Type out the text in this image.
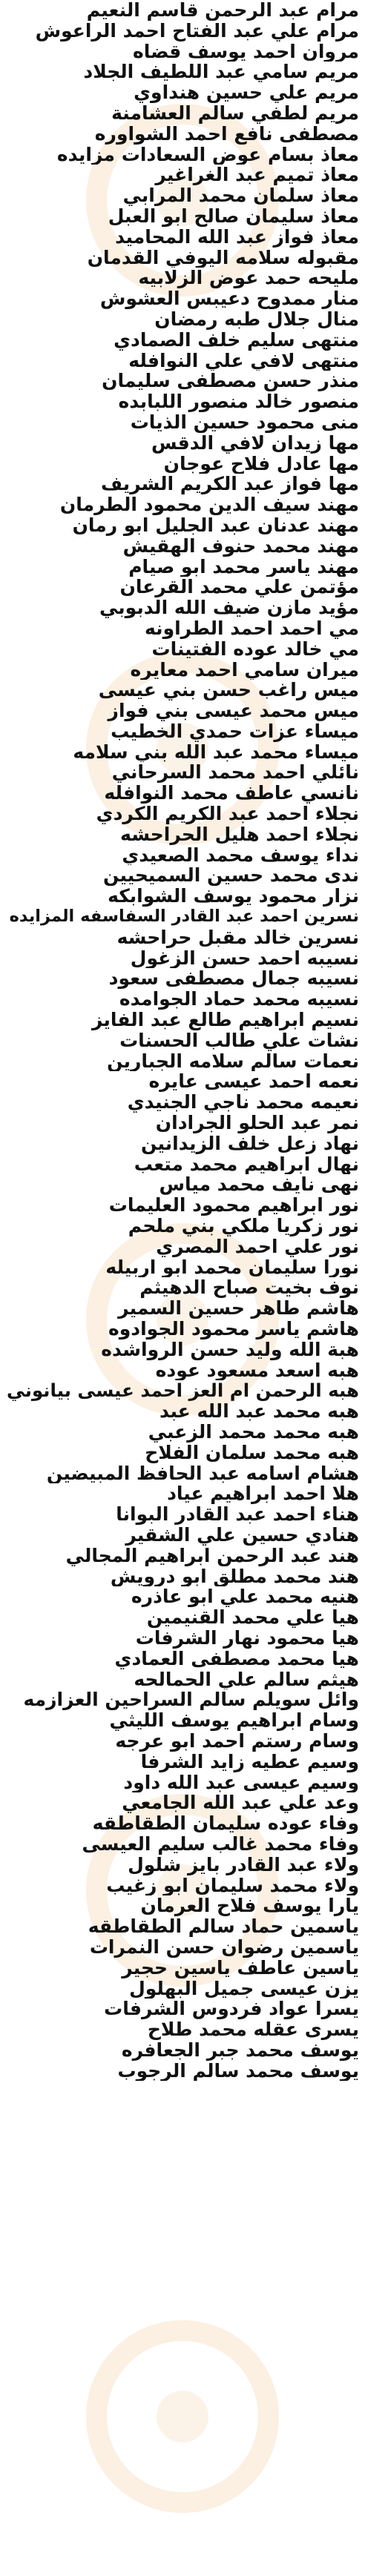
مرام عبد الرحمن قاسم النعيم
مرام علي عبد الفتاح احمد الراعوش
مروان احمد يوسف قضاه
مريم سامي عبد اللطيف الجلاد
مريم علي حسين هنداوي
مريم لطفي سالم العشامنة
مصطفى نافع احمد الشواوره
معاذ بسام عوض السعادات مزايده
معاذ تميم عبد الغراغير
معاذ سلمان محمد المرابي
معاذ سليمان صالح ابو العبل
معاذ فواز عبد الله المحاميد
مقبوله سلامه اليوفي القدمان
مليحه حمد عوض الزلابيه
منار ممدوح دعيبس العشوش
منال جلال طبه رمضان
منتهى سليم خلف الصمادي
منتهى لافي علي النوافله
منذر حسن مصطفى سليمان
منصور خالد منصور اللبابده
منى محمود حسين الذيات
مها زيدان لافي الدقس
مها عادل فلاح عوجان
مها فواز عبد الكريم الشريف
مهند سيف الدين محمود الطرمان
مهند عدنان عبد الجليل ابو رمان
مهند محمد حنوف الهقيش
مهند ياسر محمد ابو صيام
مؤتمن علي محمد القرعان
مؤيد مازن ضيف الله الدبوبي
مي احمد احمد الطراونه
مي خالد عوده الفتينات
ميران سامي احمد معايره
ميس راغب حسن بني عيسى
ميس محمد عيسى بني فواز
ميساء عزات حمدي الخطيب
ميساء محمد عبد الله بني سلامه
نائلي احمد محمد السرحاني
نانسي عاطف محمد النوافله
نجلاء احمد عبد الكريم الكردي
نجلاء احمد هليل الحراحشه
نداء يوسف محمد الصعيدي
ندى محمد حسين السميحيين
نزار محمود يوسف الشوابكه
نسرين احمد عبد القادر السفاسفه المزايده
نسرين خالد مقبل حراحشه
نسيبه احمد حسن الزغول
نسيبه جمال مصطفى سعود
نسيبه محمد حماد الجوامده
نسيم ابراهيم طالع عبد الفايز
نشات علي طالب الحسنات
نعمات سالم سلامه الجبارين
نعمه احمد عيسى عايره
نعيمه محمد ناجي الجنيدي
نمر عبد الحلو الجرادان
نهاد زعل خلف الزيدانين
نهال ابراهيم محمد متعب
نهى نايف محمد مياس
نور ابراهيم محمود العليمات
نور زكريا ملكي بني ملحم
نور علي احمد المصري
نورا سليمان محمد ابو اربيله
نوف بخيت صباح الدهيثم
هاشم طاهر حسين السمير
هاشم ياسر محمود الجوادوه
هبة الله وليد حسن الرواشده
هبه اسعد مسعود عوده
هبه الرحمن ام العز احمد عيسى بيانوني
هبه محمد عبد الله عبد
هبه محمد محمد الزعبي
هبه محمد سلمان الفلاح
هشام اسامه عبد الحافظ المبيضين
هلا احمد ابراهيم عياد
هناء احمد عبد القادر البوانا
هنادي حسين علي الشقير
هند عبد الرحمن ابراهيم المجالي
هند محمد مطلق ابو درويش
هنيه محمد علي ابو عاذره
هيا علي محمد القنيمين
هيا محمود نهار الشرفات
هيا محمد مصطفى العمادي
هيثم سالم علي الحمالحه
وائل سويلم سالم السراحين العزازمه
وسام ابراهيم يوسف الليثي
وسام رستم احمد ابو عرجه
وسيم عطيه زايد الشرفا
وسيم عيسى عبد الله داود
وعد علي عبد الله الجامعي
وفاء عوده سليمان الطقاطقه
وفاء محمد غالب سليم العيسى
ولاء عبد القادر بايز شلول
ولاء محمد سليمان ابو زغيب
يارا يوسف فلاح العرمان
ياسمين حماد سالم الطقاطقه
ياسمين رضوان حسن النمرات
ياسين عاطف ياسين حجير
يزن عيسى جميل البهلول
يسرا عواد فردوس الشرفات
يسرى عقله محمد طلاح
يوسف محمد جبر الجعافره
يوسف محمد سالم الرجوب
